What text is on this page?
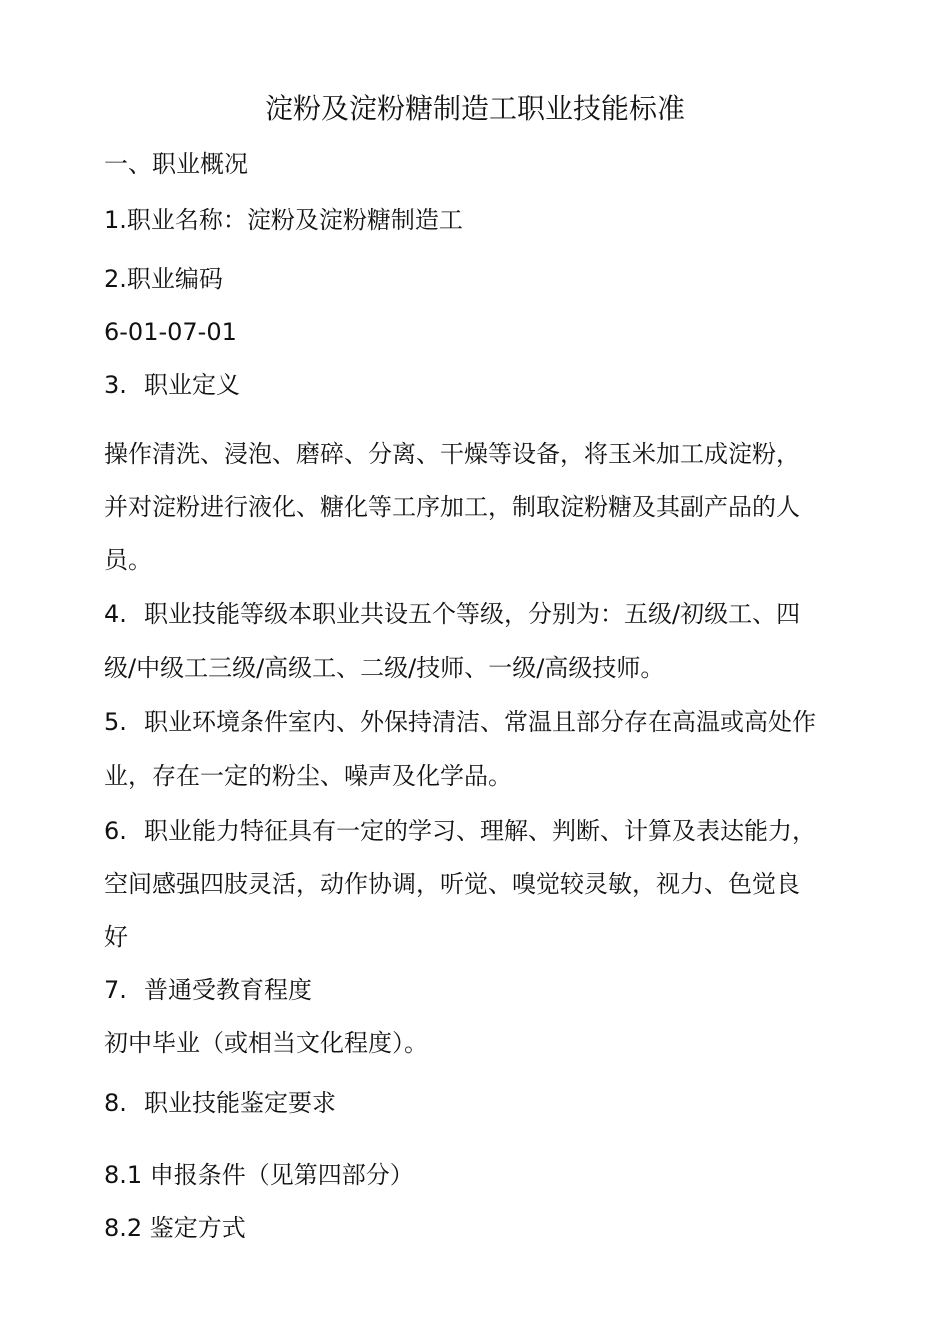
淀粉及淀粉糖制造工职业技能标准
一、职业概况
1.职业名称：淀粉及淀粉糖制造工
2.职业编码
6-01-07-01
3. 职业定义
操作清洗、浸泡、磨碎、分离、干燥等设备，将玉米加工成淀粉，
并对淀粉进行液化、糖化等工序加工，制取淀粉糖及其副产品的人
员。
4. 职业技能等级本职业共设五个等级，分别为：五级/初级工、四
级/中级工三级/高级工、二级/技师、一级/高级技师。
5. 职业环境条件室内、外保持清洁、常温且部分存在高温或高处作
业，存在一定的粉尘、噪声及化学品。
6. 职业能力特征具有一定的学习、理解、判断、计算及表达能力，
空间感强四肢灵活，动作协调，听觉、嗅觉较灵敏，视力、色觉良
好
7. 普通受教育程度
初中毕业（或相当文化程度）。
8. 职业技能鉴定要求
8.1 申报条件（见第四部分）
8.2 鉴定方式
